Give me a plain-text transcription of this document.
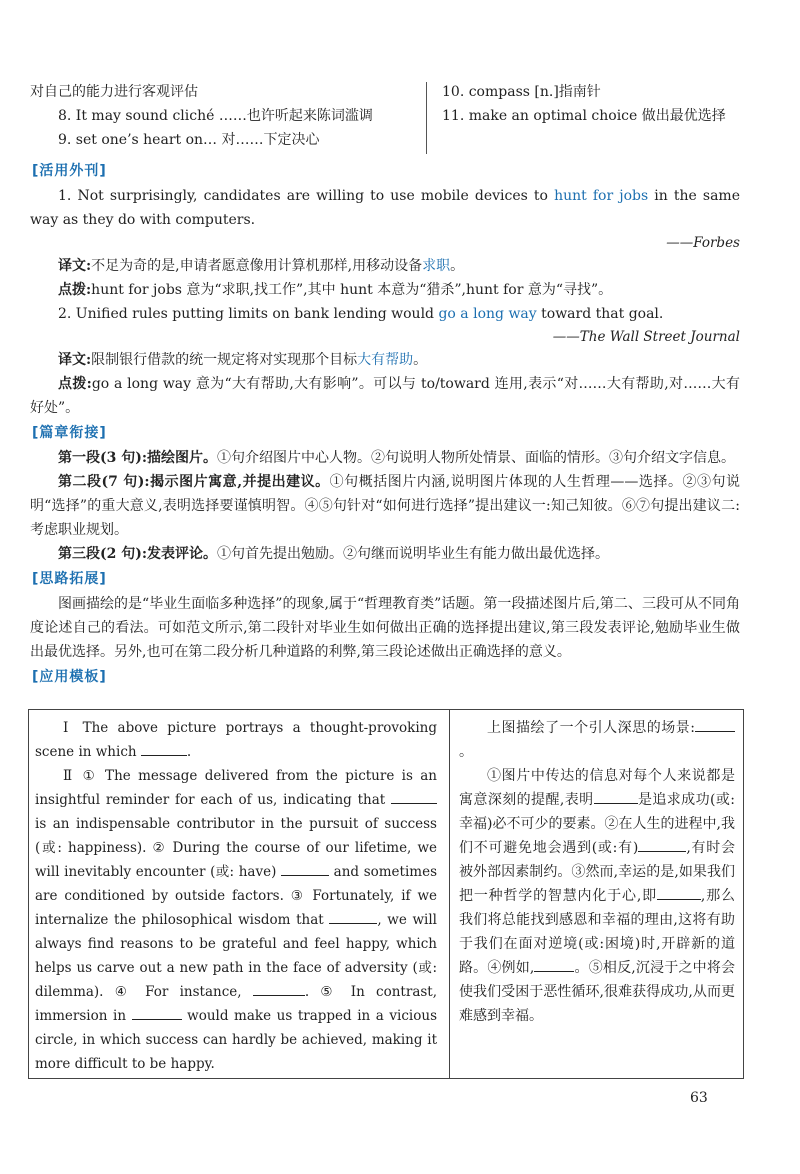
对自己的能力进行客观评估
8. It may sound cliché ……也许听起来陈词滥调
9. set one’s heart on… 对……下定决心
10. compass [n.]指南针
11. make an optimal choice 做出最优选择
[活用外刊]

1. Not surprisingly, candidates are willing to use mobile devices to hunt for jobs in the same way as they do with computers.

——Forbes

译文:不足为奇的是,申请者愿意像用计算机那样,用移动设备求职。

点拨:hunt for jobs 意为“求职,找工作”,其中 hunt 本意为“猎杀”,hunt for 意为“寻找”。

2. Unified rules putting limits on bank lending would go a long way toward that goal.

——The Wall Street Journal

译文:限制银行借款的统一规定将对实现那个目标大有帮助。

点拨:go a long way 意为“大有帮助,大有影响”。可以与 to/toward 连用,表示“对……大有帮助,对……大有好处”。

[篇章衔接]

第一段(3 句):描绘图片。①句介绍图片中心人物。②句说明人物所处情景、面临的情形。③句介绍文字信息。

第二段(7 句):揭示图片寓意,并提出建议。①句概括图片内涵,说明图片体现的人生哲理——选择。②③句说明“选择”的重大意义,表明选择要谨慎明智。④⑤句针对“如何进行选择”提出建议一:知己知彼。⑥⑦句提出建议二:考虑职业规划。

第三段(2 句):发表评论。①句首先提出勉励。②句继而说明毕业生有能力做出最优选择。

[思路拓展]

图画描绘的是“毕业生面临多种选择”的现象,属于“哲理教育类”话题。第一段描述图片后,第二、三段可从不同角度论述自己的看法。可如范文所示,第二段针对毕业生如何做出正确的选择提出建议,第三段发表评论,勉励毕业生做出最优选择。另外,也可在第二段分析几种道路的利弊,第三段论述做出正确选择的意义。

[应用模板]

Ⅰ The above picture portrays a thought-provoking scene in which	.

Ⅱ ① The message delivered from the picture is an insightful reminder for each of us, indicating that  is an indispensable contributor in the pursuit of success (或: happiness). ② During the course of our lifetime, we will inevitably encounter (或: have)	and sometimes are conditioned by outside factors. ③ Fortunately, if we internalize the philosophical wisdom that	, we will always find reasons to be grateful and feel happy, which helps us carve out a new path in the face of adversity (或: dilemma). ④ For instance,	. ⑤ In contrast, immersion in	would make us trapped in a vicious circle, in which success can hardly be achieved, making it more difficult to be happy.

上图描绘了一个引人深思的场景:。

①图片中传达的信息对每个人来说都是寓意深刻的提醒,表明	是追求成功(或:幸福)必不可少的要素。②在人生的进程中,我们不可避免地会遇到(或:有)	,有时会被外部因素制约。③然而,幸运的是,如果我们把一种哲学的智慧内化于心,即	,那么我们将总能找到感恩和幸福的理由,这将有助于我们在面对逆境(或:困境)时,开辟新的道路。④例如,	。⑤相反,沉浸于之中将会使我们受困于恶性循环,很难获得成功,从而更难感到幸福。

63
